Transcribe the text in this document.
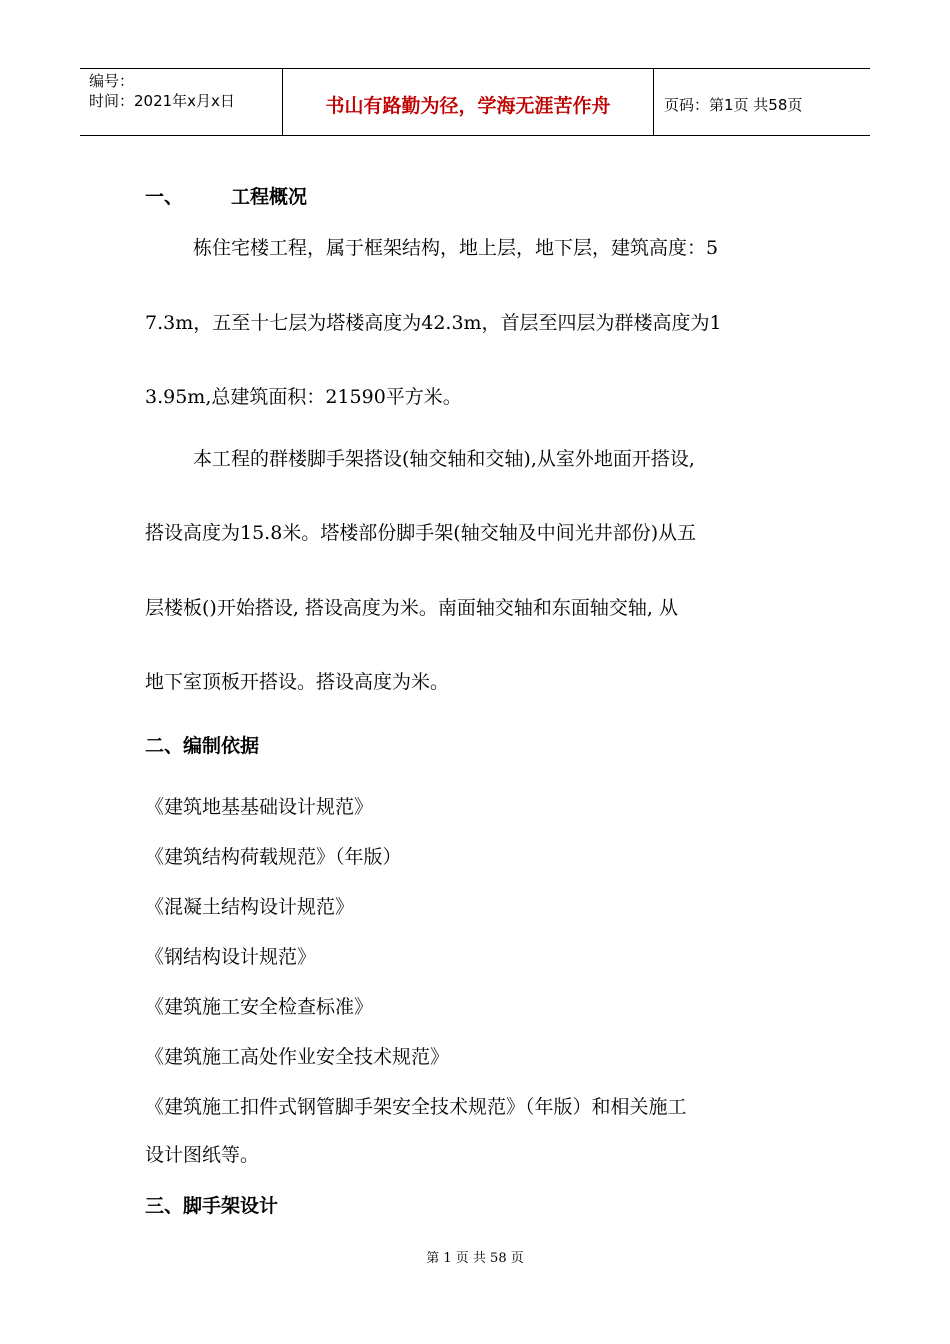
编号：
时间：2021年x月x日	书山有路勤为径，学海无涯苦作舟	页码：第1页 共58页
一、	工程概况
栋住宅楼工程，属于框架结构，地上层，地下层，建筑高度：5
7.3m，五至十七层为塔楼高度为42.3m，首层至四层为群楼高度为1
3.95m,总建筑面积：21590平方米。
本工程的群楼脚手架搭设(轴交轴和交轴),从室外地面开搭设,
搭设高度为15.8米。塔楼部份脚手架(轴交轴及中间光井部份)从五
层楼板()开始搭设, 搭设高度为米。南面轴交轴和东面轴交轴, 从
地下室顶板开搭设。搭设高度为米。
二、编制依据
《建筑地基基础设计规范》
《建筑结构荷载规范》（年版）
《混凝土结构设计规范》
《钢结构设计规范》
《建筑施工安全检查标准》
《建筑施工高处作业安全技术规范》
《建筑施工扣件式钢管脚手架安全技术规范》（年版）和相关施工
设计图纸等。
三、脚手架设计
第 1 页 共 58 页
